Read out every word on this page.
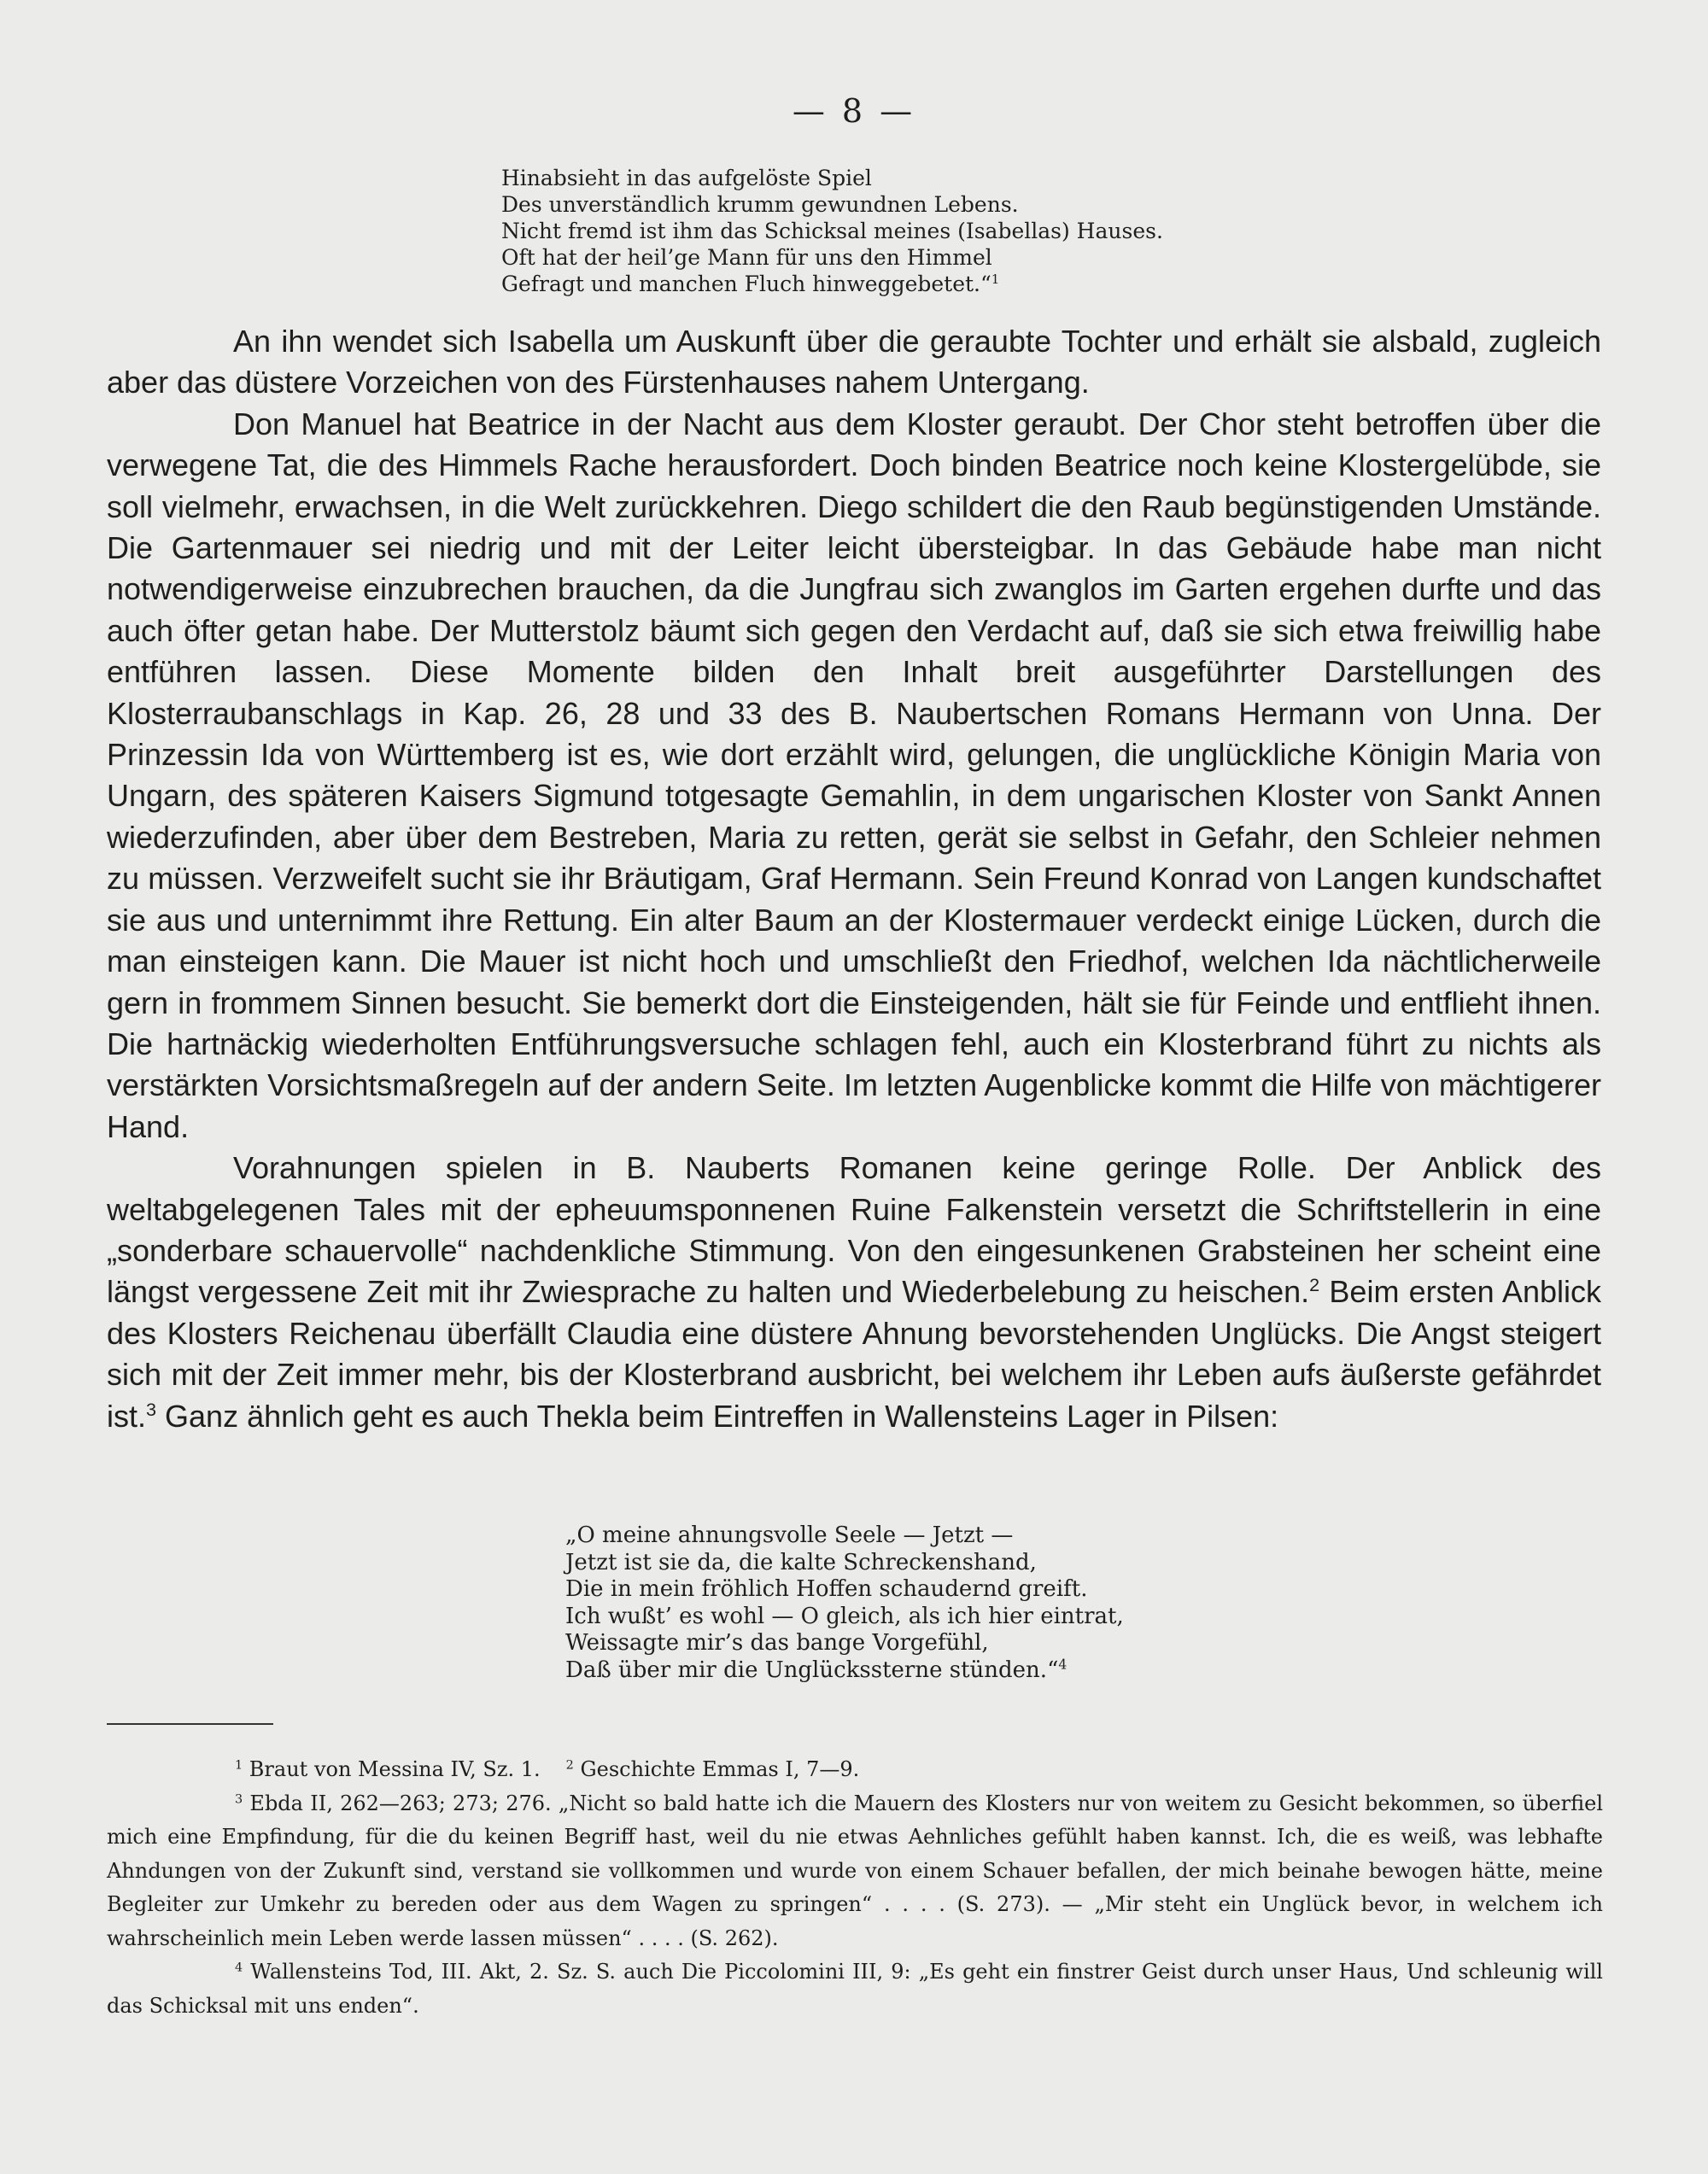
— 8 —
Hinabsieht in das aufgelöste Spiel
Des unverständlich krumm gewundnen Lebens.
Nicht fremd ist ihm das Schicksal meines (Isabellas) Hauses.
Oft hat der heil’ge Mann für uns den Himmel
Gefragt und manchen Fluch hinweggebetet.“$^1$

An ihn wendet sich Isabella um Auskunft über die geraubte Tochter und erhält sie alsbald, zugleich aber das düstere Vorzeichen von des Fürstenhauses nahem Untergang.

Don Manuel hat Beatrice in der Nacht aus dem Kloster geraubt. Der Chor steht betroffen über die verwegene Tat, die des Himmels Rache herausfordert. Doch binden Beatrice noch keine Klostergelübde, sie soll vielmehr, erwachsen, in die Welt zurückkehren. Diego schildert die den Raub begünstigenden Umstände. Die Gartenmauer sei niedrig und mit der Leiter leicht übersteigbar. In das Gebäude habe man nicht notwendigerweise einzubrechen brauchen, da die Jungfrau sich zwanglos im Garten ergehen durfte und das auch öfter getan habe. Der Mutterstolz bäumt sich gegen den Verdacht auf, daß sie sich etwa freiwillig habe entführen lassen. Diese Momente bilden den Inhalt breit ausgeführter Darstellungen des Klosterraubanschlags in Kap. 26, 28 und 33 des B. Naubertschen Romans Hermann von Unna. Der Prinzessin Ida von Württemberg ist es, wie dort erzählt wird, gelungen, die unglückliche Königin Maria von Ungarn, des späteren Kaisers Sigmund totgesagte Gemahlin, in dem ungarischen Kloster von Sankt Annen wiederzufinden, aber über dem Bestreben, Maria zu retten, gerät sie selbst in Gefahr, den Schleier nehmen zu müssen. Verzweifelt sucht sie ihr Bräutigam, Graf Hermann. Sein Freund Konrad von Langen kundschaftet sie aus und unternimmt ihre Rettung. Ein alter Baum an der Klostermauer verdeckt einige Lücken, durch die man einsteigen kann. Die Mauer ist nicht hoch und umschließt den Friedhof, welchen Ida nächtlicherweile gern in frommem Sinnen besucht. Sie bemerkt dort die Einsteigenden, hält sie für Feinde und entflieht ihnen. Die hartnäckig wiederholten Entführungsversuche schlagen fehl, auch ein Klosterbrand führt zu nichts als verstärkten Vorsichtsmaßregeln auf der andern Seite. Im letzten Augenblicke kommt die Hilfe von mächtigerer Hand.

Vorahnungen spielen in B. Nauberts Romanen keine geringe Rolle. Der Anblick des weltabgelegenen Tales mit der epheuumsponnenen Ruine Falkenstein versetzt die Schriftstellerin in eine „sonderbare schauervolle“ nachdenkliche Stimmung. Von den eingesunkenen Grabsteinen her scheint eine längst vergessene Zeit mit ihr Zwiesprache zu halten und Wiederbelebung zu heischen.$^2$ Beim ersten Anblick des Klosters Reichenau überfällt Claudia eine düstere Ahnung bevorstehenden Unglücks. Die Angst steigert sich mit der Zeit immer mehr, bis der Klosterbrand ausbricht, bei welchem ihr Leben aufs äußerste gefährdet ist.$^3$ Ganz ähnlich geht es auch Thekla beim Eintreffen in Wallensteins Lager in Pilsen:

„O meine ahnungsvolle Seele — Jetzt —
Jetzt ist sie da, die kalte Schreckenshand,
Die in mein fröhlich Hoffen schaudernd greift.
Ich wußt’ es wohl — O gleich, als ich hier eintrat,
Weissagte mir’s das bange Vorgefühl,
Daß über mir die Unglückssterne stünden.“$^4$

$^1$ Braut von Messina IV, Sz. 1. $^2$ Geschichte Emmas I, 7—9.

$^3$ Ebda II, 262—263; 273; 276. „Nicht so bald hatte ich die Mauern des Klosters nur von weitem zu Gesicht bekommen, so überfiel mich eine Empfindung, für die du keinen Begriff hast, weil du nie etwas Aehnliches gefühlt haben kannst. Ich, die es weiß, was lebhafte Ahndungen von der Zukunft sind, verstand sie vollkommen und wurde von einem Schauer befallen, der mich beinahe bewogen hätte, meine Begleiter zur Umkehr zu bereden oder aus dem Wagen zu springen“ . . . . (S. 273). — „Mir steht ein Unglück bevor, in welchem ich wahrscheinlich mein Leben werde lassen müssen“ . . . . (S. 262).

$^4$ Wallensteins Tod, III. Akt, 2. Sz. S. auch Die Piccolomini III, 9: „Es geht ein finstrer Geist durch unser Haus, Und schleunig will das Schicksal mit uns enden“.
